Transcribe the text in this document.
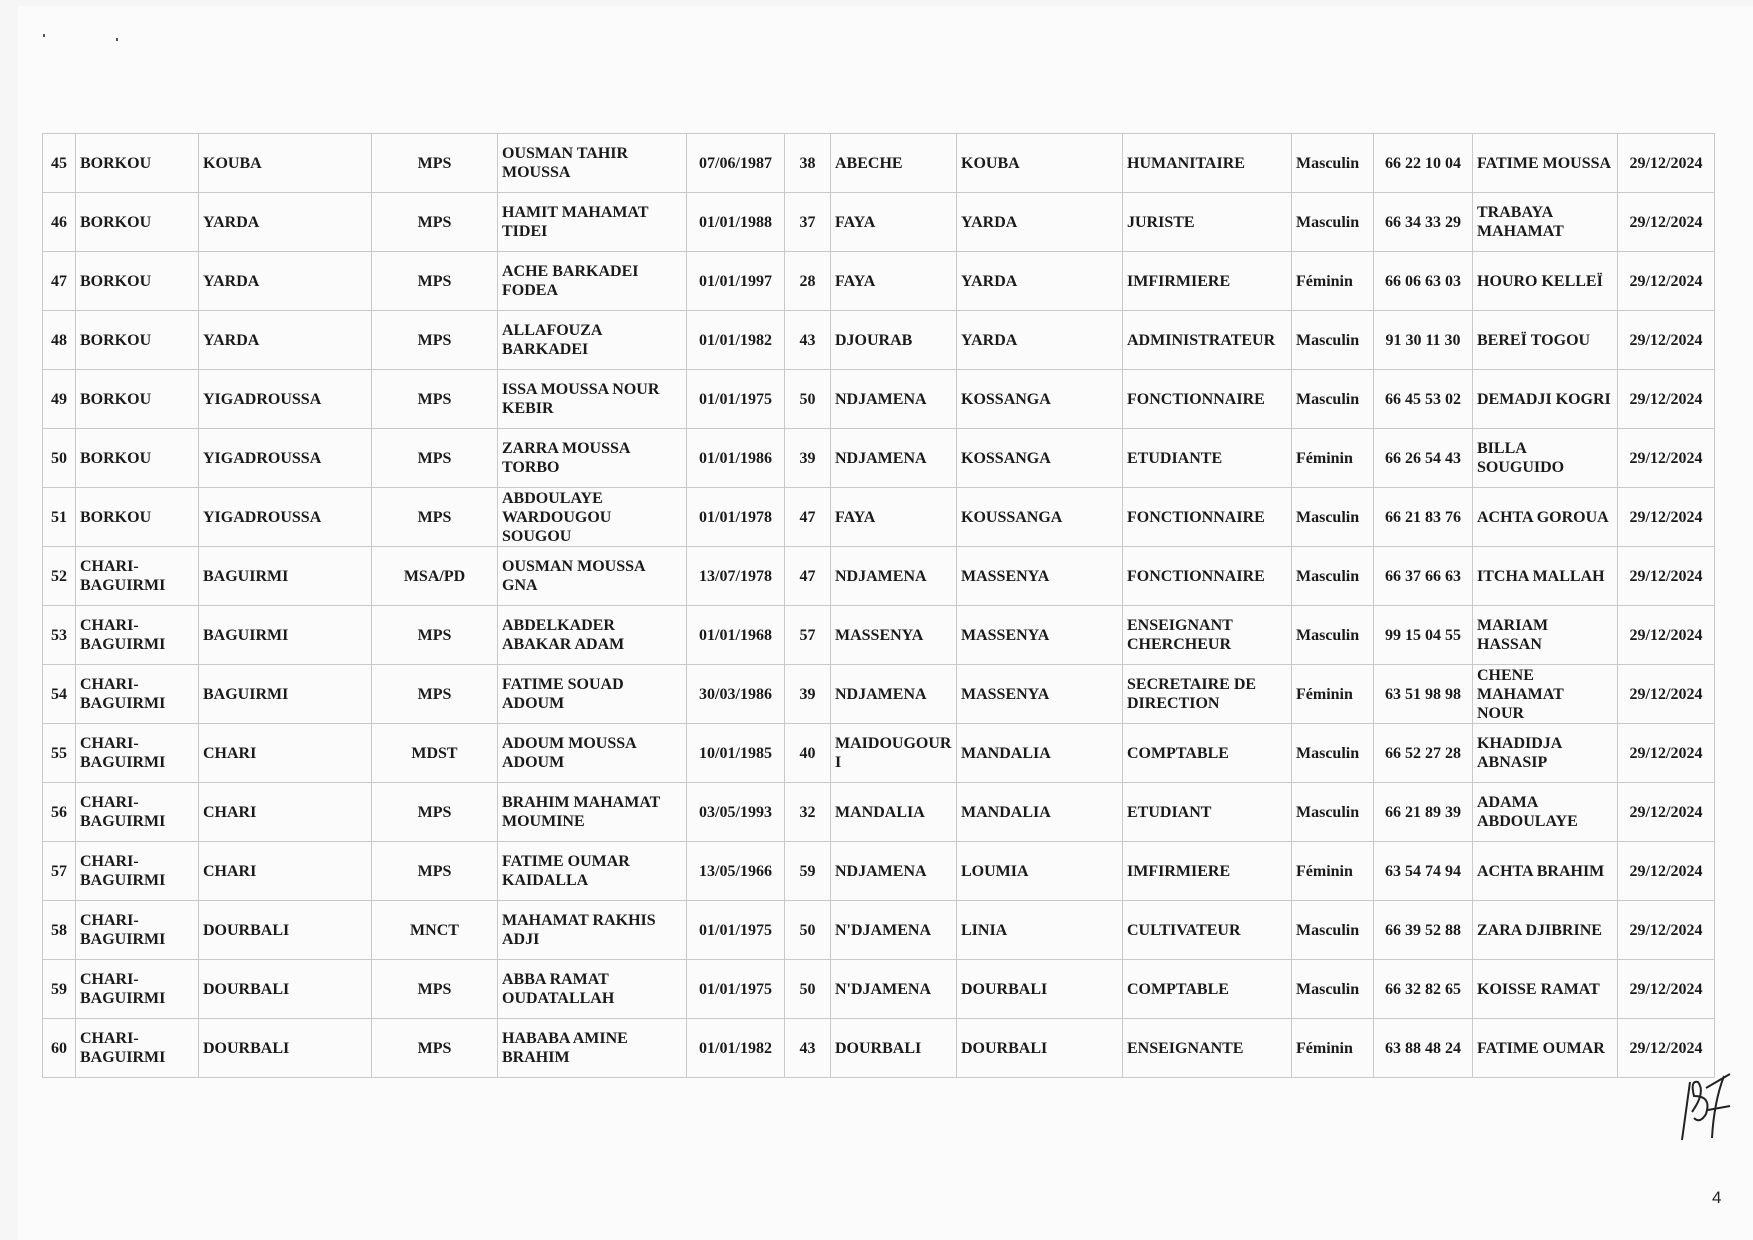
45	BORKOU	KOUBA	MPS	OUSMAN TAHIR MOUSSA	07/06/1987	38	ABECHE	KOUBA	HUMANITAIRE	Masculin	66 22 10 04	FATIME MOUSSA	29/12/2024
46	BORKOU	YARDA	MPS	HAMIT MAHAMAT TIDEI	01/01/1988	37	FAYA	YARDA	JURISTE	Masculin	66 34 33 29	TRABAYA MAHAMAT	29/12/2024
47	BORKOU	YARDA	MPS	ACHE BARKADEI FODEA	01/01/1997	28	FAYA	YARDA	IMFIRMIERE	Féminin	66 06 63 03	HOURO KELLEЇ	29/12/2024
48	BORKOU	YARDA	MPS	ALLAFOUZA BARKADEI	01/01/1982	43	DJOURAB	YARDA	ADMINISTRATEUR	Masculin	91 30 11 30	BEREЇ TOGOU	29/12/2024
49	BORKOU	YIGADROUSSA	MPS	ISSA MOUSSA NOUR KEBIR	01/01/1975	50	NDJAMENA	KOSSANGA	FONCTIONNAIRE	Masculin	66 45 53 02	DEMADJI KOGRI	29/12/2024
50	BORKOU	YIGADROUSSA	MPS	ZARRA MOUSSA TORBO	01/01/1986	39	NDJAMENA	KOSSANGA	ETUDIANTE	Féminin	66 26 54 43	BILLA SOUGUIDO	29/12/2024
51	BORKOU	YIGADROUSSA	MPS	ABDOULAYE WARDOUGOU SOUGOU	01/01/1978	47	FAYA	KOUSSANGA	FONCTIONNAIRE	Masculin	66 21 83 76	ACHTA GOROUA	29/12/2024
52	CHARI-BAGUIRMI	BAGUIRMI	MSA/PD	OUSMAN MOUSSA GNA	13/07/1978	47	NDJAMENA	MASSENYA	FONCTIONNAIRE	Masculin	66 37 66 63	ITCHA MALLAH	29/12/2024
53	CHARI-BAGUIRMI	BAGUIRMI	MPS	ABDELKADER ABAKAR ADAM	01/01/1968	57	MASSENYA	MASSENYA	ENSEIGNANT CHERCHEUR	Masculin	99 15 04 55	MARIAM HASSAN	29/12/2024
54	CHARI-BAGUIRMI	BAGUIRMI	MPS	FATIME SOUAD ADOUM	30/03/1986	39	NDJAMENA	MASSENYA	SECRETAIRE DE DIRECTION	Féminin	63 51 98 98	CHENE MAHAMAT NOUR	29/12/2024
55	CHARI-BAGUIRMI	CHARI	MDST	ADOUM MOUSSA ADOUM	10/01/1985	40	MAIDOUGOURI	MANDALIA	COMPTABLE	Masculin	66 52 27 28	KHADIDJA ABNASIP	29/12/2024
56	CHARI-BAGUIRMI	CHARI	MPS	BRAHIM MAHAMAT MOUMINE	03/05/1993	32	MANDALIA	MANDALIA	ETUDIANT	Masculin	66 21 89 39	ADAMA ABDOULAYE	29/12/2024
57	CHARI-BAGUIRMI	CHARI	MPS	FATIME OUMAR KAIDALLA	13/05/1966	59	NDJAMENA	LOUMIA	IMFIRMIERE	Féminin	63 54 74 94	ACHTA BRAHIM	29/12/2024
58	CHARI-BAGUIRMI	DOURBALI	MNCT	MAHAMAT RAKHIS ADJI	01/01/1975	50	N'DJAMENA	LINIA	CULTIVATEUR	Masculin	66 39 52 88	ZARA DJIBRINE	29/12/2024
59	CHARI-BAGUIRMI	DOURBALI	MPS	ABBA RAMAT OUDATALLAH	01/01/1975	50	N'DJAMENA	DOURBALI	COMPTABLE	Masculin	66 32 82 65	KOISSE RAMAT	29/12/2024
60	CHARI-BAGUIRMI	DOURBALI	MPS	HABABA AMINE BRAHIM	01/01/1982	43	DOURBALI	DOURBALI	ENSEIGNANTE	Féminin	63 88 48 24	FATIME OUMAR	29/12/2024
4
